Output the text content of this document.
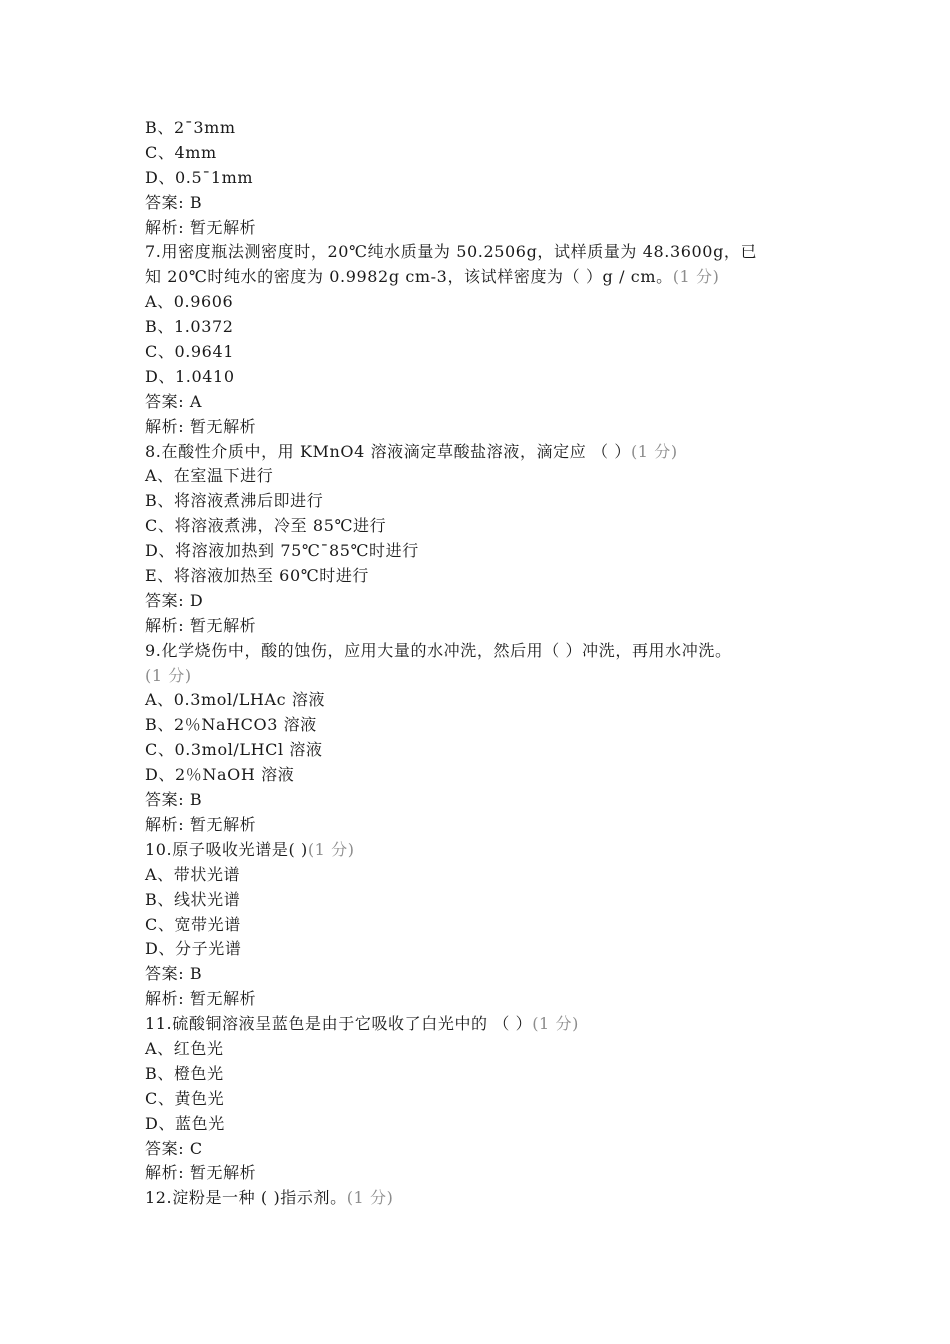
B、2¯3mm
C、4mm
D、0.5¯1mm
答案: B
解析: 暂无解析
7.用密度瓶法测密度时，20℃纯水质量为 50.2506g，试样质量为 48.3600g，已
知 20℃时纯水的密度为 0.9982g cm-3，该试样密度为（ ）g / cm。(1 分)
A、0.9606
B、1.0372
C、0.9641
D、1.0410
答案: A
解析: 暂无解析
8.在酸性介质中，用 KMnO4 溶液滴定草酸盐溶液，滴定应 （ ）(1 分)
A、在室温下进行
B、将溶液煮沸后即进行
C、将溶液煮沸，冷至 85℃进行
D、将溶液加热到 75℃¯85℃时进行
E、将溶液加热至 60℃时进行
答案: D
解析: 暂无解析
9.化学烧伤中，酸的蚀伤，应用大量的水冲洗，然后用（ ）冲洗，再用水冲洗。
(1 分)
A、0.3mol/LHAc 溶液
B、2％NaHCO3 溶液
C、0.3mol/LHCl 溶液
D、2％NaOH 溶液
答案: B
解析: 暂无解析
10.原子吸收光谱是( )(1 分)
A、带状光谱
B、线状光谱
C、宽带光谱
D、分子光谱
答案: B
解析: 暂无解析
11.硫酸铜溶液呈蓝色是由于它吸收了白光中的 （ ）(1 分)
A、红色光
B、橙色光
C、黄色光
D、蓝色光
答案: C
解析: 暂无解析
12.淀粉是一种 ( )指示剂。(1 分)
